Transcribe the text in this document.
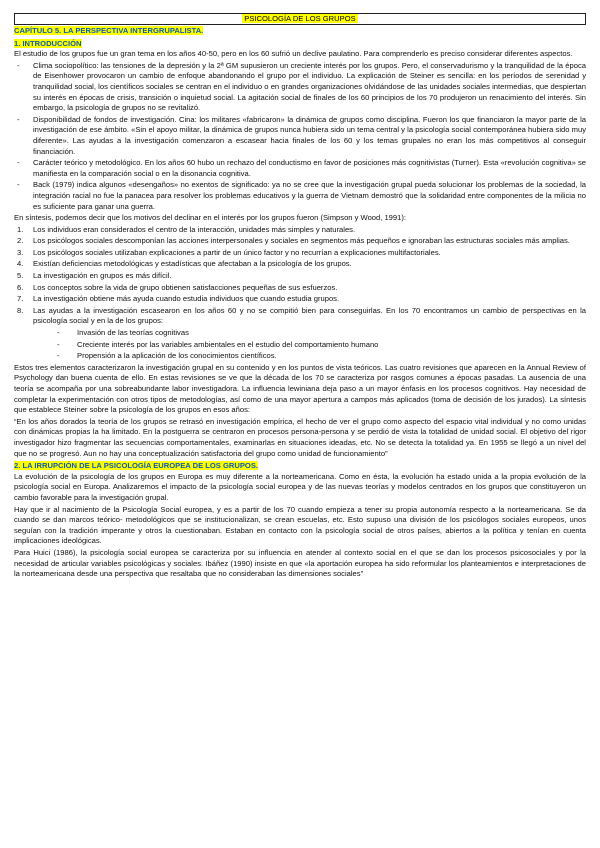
PSICOLOGÍA DE LOS GRUPOS
CAPÍTULO 5. LA PERSPECTIVA INTERGRUPALISTA.
1. INTRODUCCIÓN

El estudio de los grupos fue un gran tema en los años 40-50, pero en los 60 sufrió un declive paulatino. Para comprenderlo es preciso considerar diferentes aspectos.

- Clima sociopolítico: las tensiones de la depresión y la 2ª GM supusieron un creciente interés por los grupos. Pero, el conservadurismo y la tranquilidad de la época de Eisenhower provocaron un cambio de enfoque abandonando el grupo por el individuo. La explicación de Steiner es sencilla: en los períodos de serenidad y tranquilidad social, los científicos sociales se centran en el individuo o en grandes organizaciones olvidándose de las unidades sociales intermedias, que despiertan su interés en épocas de crisis, transición o inquietud social. La agitación social de finales de los 60 principios de los 70 produjeron un renacimiento del interés. Sin embargo, la psicología de grupos no se revitalizó.
- Disponibilidad de fondos de investigación. Cina: los militares «fabricaron» la dinámica de grupos como disciplina. Fueron los que financiaron la mayor parte de la investigación de ese ámbito. «Sin el apoyo militar, la dinámica de grupos nunca hubiera sido un tema central y la psicología social contemporánea hubiera sido muy diferente». Las ayudas a la investigación comenzaron a escasear hacia finales de los 60 y los temas grupales no eran los más competitivos al conseguir financiación.
- Carácter teórico y metodológico. En los años 60 hubo un rechazo del conductismo en favor de posiciones más cognitivistas (Turner). Esta «revolución cognitiva» se manifiesta en la comparación social o en la disonancia cognitiva.
- Back (1979) indica algunos «desengaños» no exentos de significado: ya no se cree que la investigación grupal pueda solucionar los problemas de la sociedad, la integración racial no fue la panacea para resolver los problemas educativos y la guerra de Vietnam demostró que la solidaridad entre componentes de la milicia no es suficiente para ganar una guerra.

En síntesis, podemos decir que los motivos del declinar en el interés por los grupos fueron (Simpson y Wood, 1991):

1. Los individuos eran considerados el centro de la interacción, unidades más simples y naturales.
2. Los psicólogos sociales descomponían las acciones interpersonales y sociales en segmentos más pequeños e ignoraban las estructuras sociales más amplias.
3. Los psicólogos sociales utilizaban explicaciones a partir de un único factor y no recurrían a explicaciones multifactoriales.
4. Existían deficiencias metodológicas y estadísticas que afectaban a la psicología de los grupos.
5. La investigación en grupos es más difícil.
6. Los conceptos sobre la vida de grupo obtienen satisfacciones pequeñas de sus esfuerzos.
7. La investigación obtiene más ayuda cuando estudia individuos que cuando estudia grupos.
8. Las ayudas a la investigación escasearon en los años 60 y no se compitió bien para conseguirlas. En los 70 encontramos un cambio de perspectivas en la psicología social y en la de los grupos:
- Invasión de las teorías cognitivas
- Creciente interés por las variables ambientales en el estudio del comportamiento humano
- Propensión a la aplicación de los conocimientos científicos.

Estos tres elementos caracterizaron la investigación grupal en su contenido y en los puntos de vista teóricos. Las cuatro revisiones que aparecen en la Annual Review of Psychology dan buena cuenta de ello. En estas revisiones se ve que la década de los 70 se caracteriza por rasgos comunes a épocas pasadas. La ausencia de una teoría se acompaña por una sobreabundante labor investigadora. La influencia lewiniana deja paso a un mayor énfasis en los procesos cognitivos. Hay necesidad de completar la experimentación con otros tipos de metodologías, así como de una mayor apertura a campos más aplicados (toma de decisión de los jurados). La síntesis que establece Steiner sobre la psicología de los grupos en esos años:

“En los años dorados la teoría de los grupos se retrasó en investigación empírica, el hecho de ver el grupo como aspecto del espacio vital individual y no como unidas con dinámicas propias la ha limitado. En la postguerra se centraron en procesos persona-persona y se perdió de vista la totalidad de unidad social. El objetivo del rigor investigador hizo fragmentar las secuencias comportamentales, examinarlas en situaciones ideadas, etc. No se detecta la totalidad ya. En 1955 se llegó a un nivel del que no se progresó. Aun no hay una conceptualización satisfactoria del grupo como unidad de funcionamiento”

2. LA IRRUPCIÓN DE LA PSICOLOGÍA EUROPEA DE LOS GRUPOS.

La evolución de la psicología de los grupos en Europa es muy diferente a la norteamericana. Como en ésta, la evolución ha estado unida a la propia evolución de la psicología social en Europa. Analizaremos el impacto de la psicología social europea y de las nuevas teorías y modelos centrados en los grupos que constituyeron un cambio favorable para la investigación grupal.

Hay que ir al nacimiento de la Psicología Social europea, y es a partir de los 70 cuando empieza a tener su propia autonomía respecto a la norteamericana. Se da cuando se dan marcos teórico- metodológicos que se institucionalizan, se crean escuelas, etc. Esto supuso una división de los psicólogos sociales europeos, unos seguían con la tradición imperante y otros la cuestionaban. Estaban en contacto con la psicología social de otros países, abiertos a la política y tenían en cuenta implicaciones ideológicas.

Para Huici (1986), la psicología social europea se caracteriza por su influencia en atender al contexto social en el que se dan los procesos psicosociales y por la necesidad de articular variables psicológicas y sociales. Ibáñez (1990) insiste en que «la aportación europea ha sido reformular los planteamientos e interpretaciones de la norteamericana desde una perspectiva que resaltaba que no consideraban las dimensiones sociales”
